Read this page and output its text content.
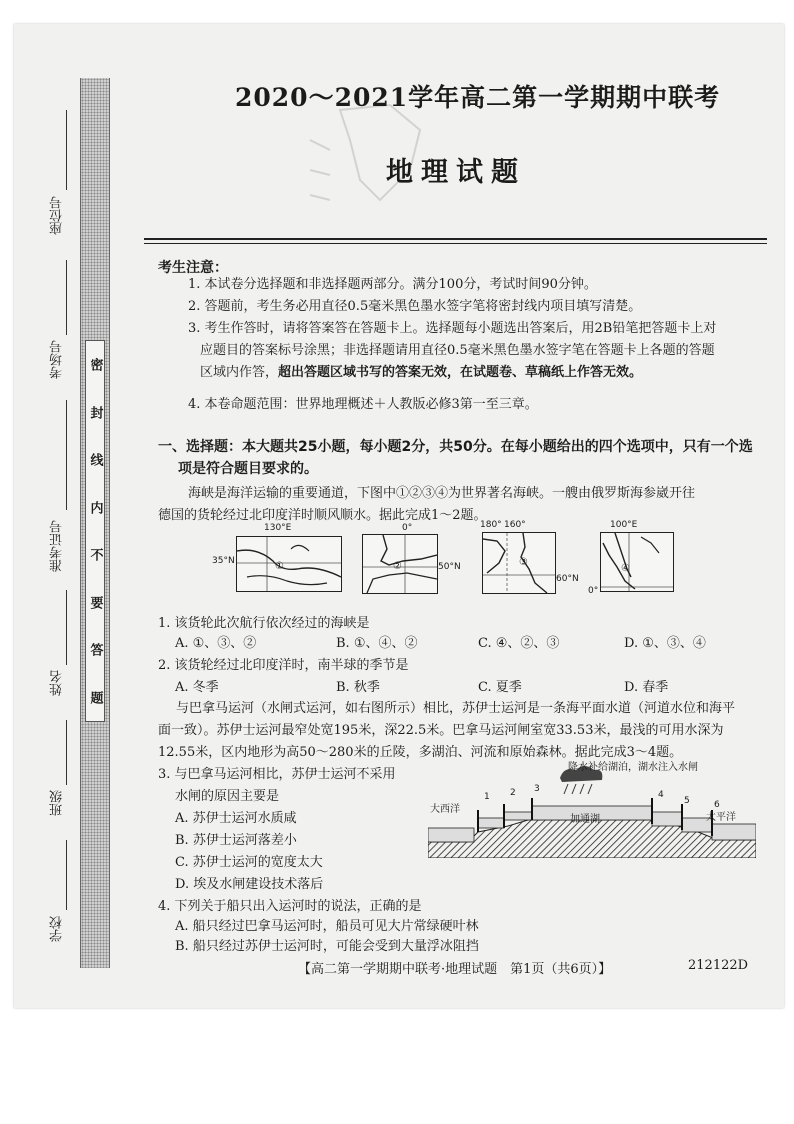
密
封
线
内
不
要
答
题
座位号
考场号
准考证号
姓名
班级
学校
2020～2021学年高二第一学期期中联考
地理试题
考生注意：
1. 本试卷分选择题和非选择题两部分。满分100分，考试时间90分钟。
2. 答题前，考生务必用直径0.5毫米黑色墨水签字笔将密封线内项目填写清楚。
3. 考生作答时，请将答案答在答题卡上。选择题每小题选出答案后，用2B铅笔把答题卡上对
应题目的答案标号涂黑；非选择题请用直径0.5毫米黑色墨水签字笔在答题卡上各题的答题
区域内作答，超出答题区域书写的答案无效，在试题卷、草稿纸上作答无效。
4. 本卷命题范围：世界地理概述＋人教版必修3第一至三章。
一、选择题：本大题共25小题，每小题2分，共50分。在每小题给出的四个选项中，只有一个选
项是符合题目要求的。
海峡是海洋运输的重要通道，下图中①②③④为世界著名海峡。一艘由俄罗斯海参崴开往
德国的货轮经过北印度洋时顺风顺水。据此完成1～2题。
130°E
35°N	①
0°
50°N
②
180° 160°
60°N
③
100°E
0°
④
1. 该货轮此次航行依次经过的海峡是
A. ①、③、②	B. ①、④、②	C. ④、②、③	D. ①、③、④
2. 该货轮经过北印度洋时，南半球的季节是
A. 冬季	B. 秋季	C. 夏季	D. 春季
与巴拿马运河（水闸式运河，如右图所示）相比，苏伊士运河是一条海平面水道（河道水位和海平
面一致）。苏伊士运河最窄处宽195米，深22.5米。巴拿马运河闸室宽33.53米，最浅的可用水深为
12.55米，区内地形为高50～280米的丘陵，多湖泊、河流和原始森林。据此完成3～4题。
3. 与巴拿马运河相比，苏伊士运河不采用
水闸的原因主要是
A. 苏伊士运河水质咸
B. 苏伊士运河落差小
C. 苏伊士运河的宽度太大
D. 埃及水闸建设技术落后
降水补给湖泊，湖水注入水闸
大西洋
太平洋
加通湖
1 2 3
4
5	6
4. 下列关于船只出入运河时的说法，正确的是
A. 船只经过巴拿马运河时，船员可见大片常绿硬叶林
B. 船只经过苏伊士运河时，可能会受到大量浮冰阻挡
【高二第一学期期中联考·地理试题　第1页（共6页）】	212122D
